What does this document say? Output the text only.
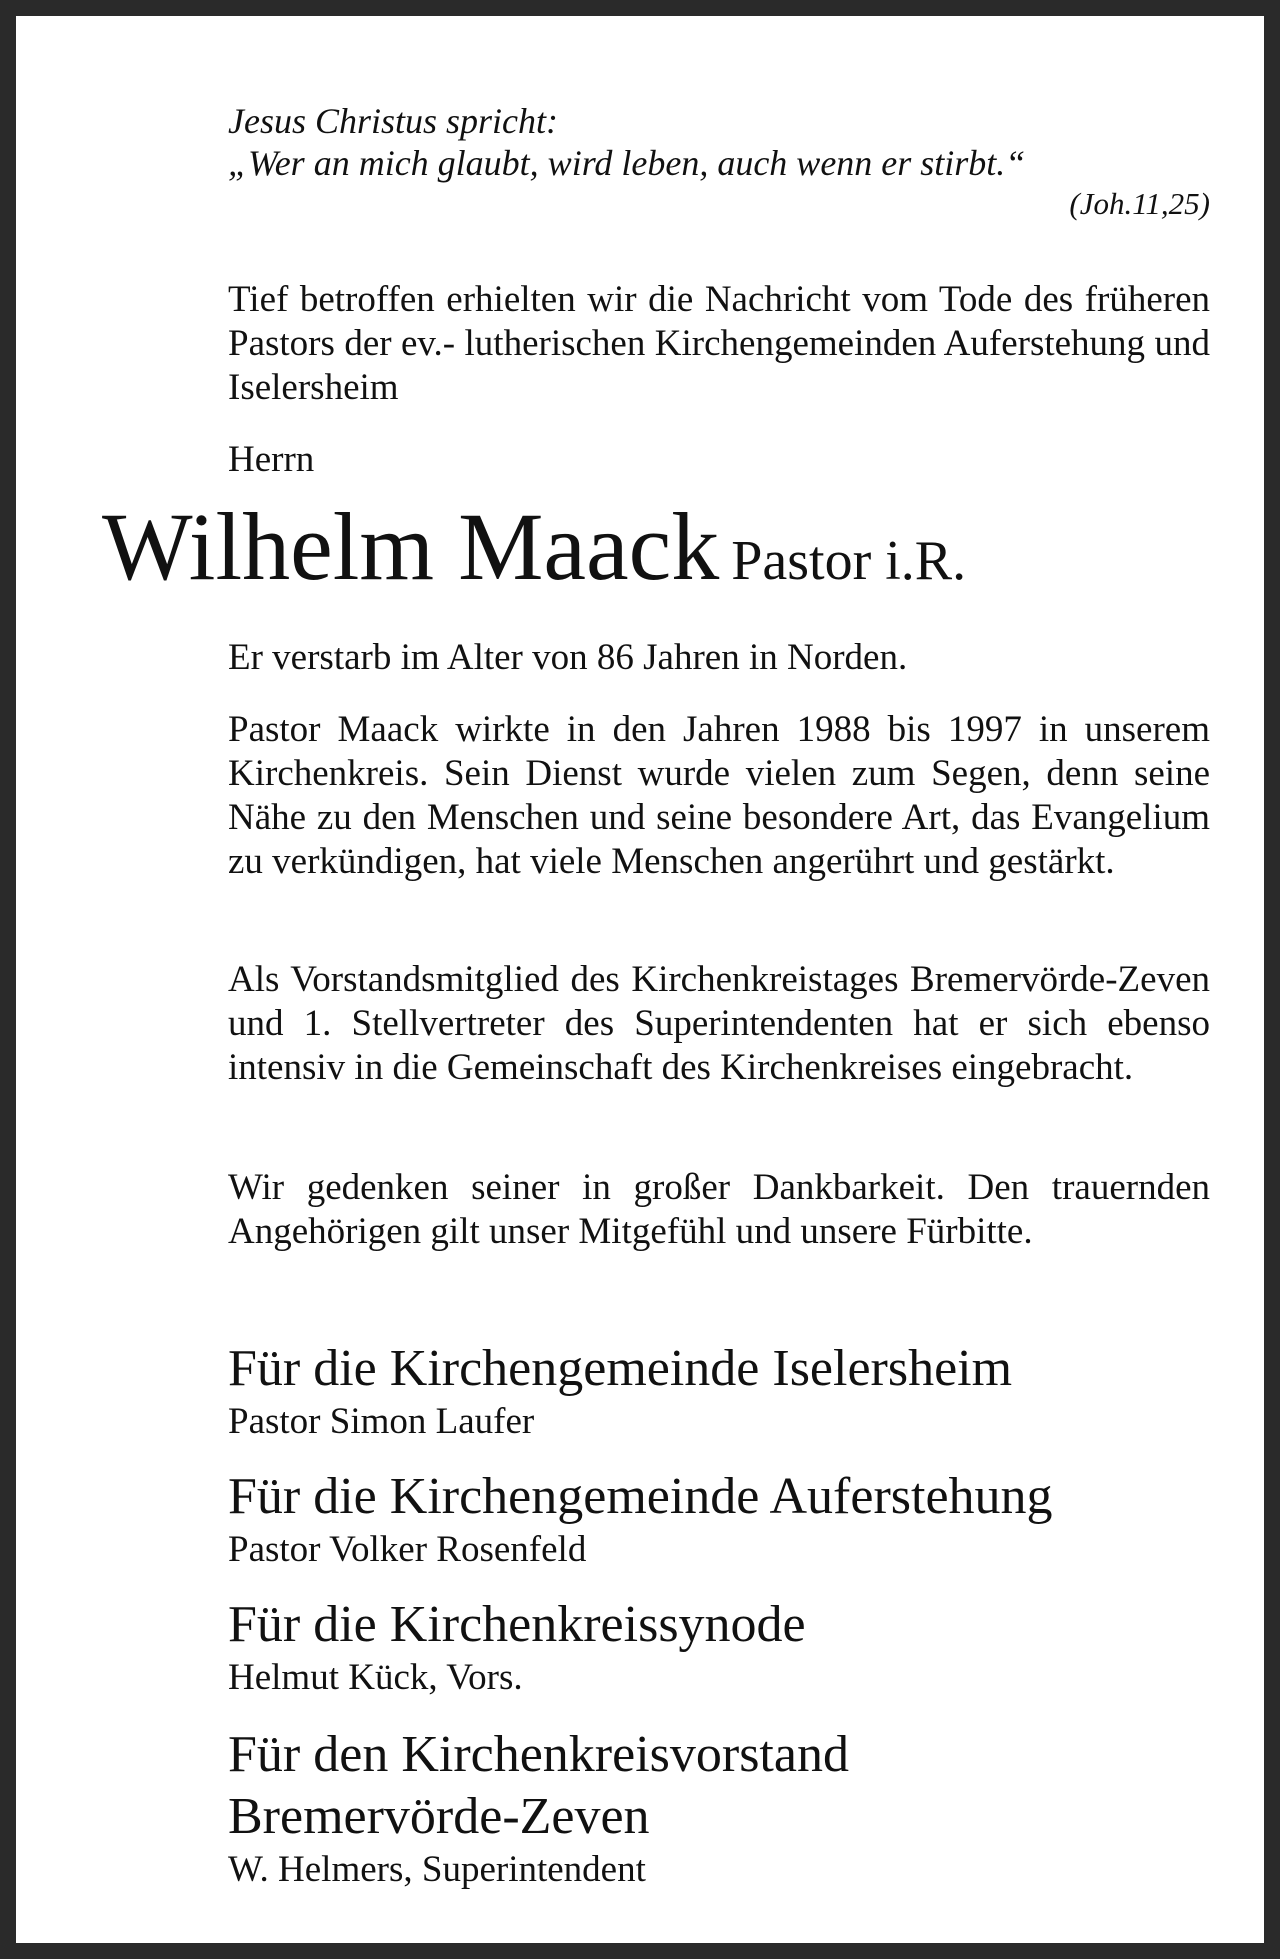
Jesus Christus spricht:
„Wer an mich glaubt, wird leben, auch wenn er stirbt.“
(Joh.11,25)

Tief betroffen erhielten wir die Nachricht vom Tode des früheren Pastors der ev.- lutherischen Kirchengemeinden Auferstehung und Iselersheim

Herrn
Wilhelm Maack Pastor i.R.

Er verstarb im Alter von 86 Jahren in Norden.

Pastor Maack wirkte in den Jahren 1988 bis 1997 in unserem Kirchenkreis. Sein Dienst wurde vielen zum Segen, denn seine Nähe zu den Menschen und seine besondere Art, das Evangelium zu verkündigen, hat viele Menschen angerührt und gestärkt.

Als Vorstandsmitglied des Kirchenkreistages Bremervörde-Zeven und 1. Stellvertreter des Superintendenten hat er sich ebenso intensiv in die Gemeinschaft des Kirchenkreises eingebracht.

Wir gedenken seiner in großer Dankbarkeit. Den trauernden Angehörigen gilt unser Mitgefühl und unsere Fürbitte.

Für die Kirchengemeinde Iselersheim
Pastor Simon Laufer
Für die Kirchengemeinde Auferstehung
Pastor Volker Rosenfeld
Für die Kirchenkreissynode
Helmut Kück, Vors.
Für den Kirchenkreisvorstand Bremervörde-Zeven
W. Helmers, Superintendent
